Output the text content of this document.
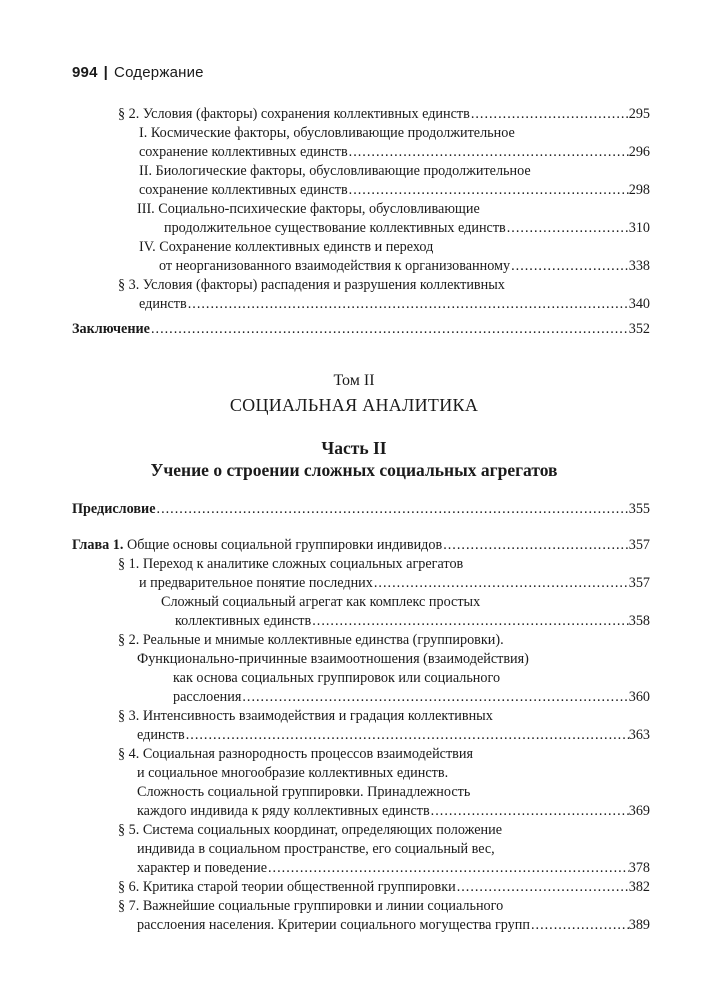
994 | Содержание
§ 2. Условия (факторы) сохранения коллективных единств .....	295
I. Космические факторы, обусловливающие продолжительное
сохранение коллективных единств .....	296
II. Биологические факторы, обусловливающие продолжительное
сохранение коллективных единств .....	298
III. Социально-психические факторы, обусловливающие
продолжительное существование коллективных единств .....	310
IV. Сохранение коллективных единств и переход
от неорганизованного взаимодействия к организованному .....	338
§ 3. Условия (факторы) распадения и разрушения коллективных
единств .....	340
Заключение .....	352
Том II
СОЦИАЛЬНАЯ АНАЛИТИКА
Часть II
Учение о строении сложных социальных агрегатов
Предисловие .....	355
Глава 1. Общие основы социальной группировки индивидов .....	357
§ 1. Переход к аналитике сложных социальных агрегатов
и предварительное понятие последних .....	357
Сложный социальный агрегат как комплекс простых
коллективных единств .....	358
§ 2. Реальные и мнимые коллективные единства (группировки).
Функционально-причинные взаимоотношения (взаимодействия)
как основа социальных группировок или социального
расслоения .....	360
§ 3. Интенсивность взаимодействия и градация коллективных
единств .....	363
§ 4. Социальная разнородность процессов взаимодействия
и социальное многообразие коллективных единств.
Сложность социальной группировки. Принадлежность
каждого индивида к ряду коллективных единств .....	369
§ 5. Система социальных координат, определяющих положение
индивида в социальном пространстве, его социальный вес,
характер и поведение .....	378
§ 6. Критика старой теории общественной группировки .....	382
§ 7. Важнейшие социальные группировки и линии социального
расслоения населения. Критерии социального могущества групп .....	389
